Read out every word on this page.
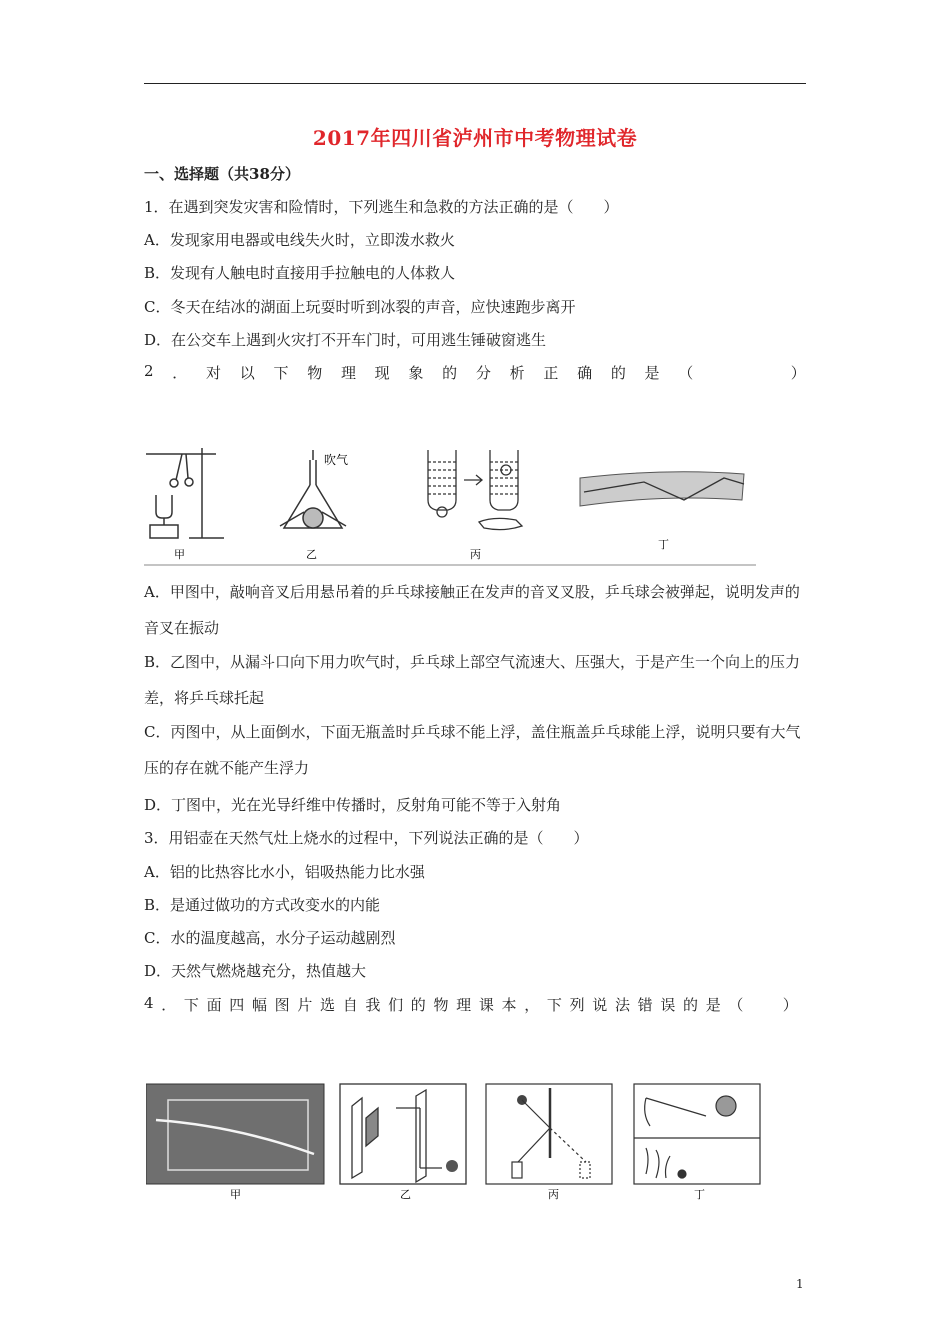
2017年四川省泸州市中考物理试卷
一、选择题（共38分）
1．在遇到突发灾害和险情时，下列逃生和急救的方法正确的是（　　）
A．发现家用电器或电线失火时，立即泼水救火
B．发现有人触电时直接用手拉触电的人体救人
C．冬天在结冰的湖面上玩耍时听到冰裂的声音，应快速跑步离开
D．在公交车上遇到火灾打不开车门时，可用逃生锤破窗逃生
2 ． 对 以 下 物 理 现 象 的 分 析 正 确 的 是 （	）
甲
吹气
乙	丙
丁
A．甲图中，敲响音叉后用悬吊着的乒乓球接触正在发声的音叉叉股，乒乓球会被弹起，说明发声的音叉在振动
B．乙图中，从漏斗口向下用力吹气时，乒乓球上部空气流速大、压强大，于是产生一个向上的压力差，将乒乓球托起
C．丙图中，从上面倒水，下面无瓶盖时乒乓球不能上浮，盖住瓶盖乒乓球能上浮，说明只要有大气压的存在就不能产生浮力
D．丁图中，光在光导纤维中传播时，反射角可能不等于入射角
3．用铝壶在天然气灶上烧水的过程中，下列说法正确的是（　　）
A．铝的比热容比水小，铝吸热能力比水强
B．是通过做功的方式改变水的内能
C．水的温度越高，水分子运动越剧烈
D．天然气燃烧越充分，热值越大
4 ． 下 面 四 幅 图 片 选 自 我 们 的 物 理 课 本 ， 下 列 说 法 错 误 的 是 （	）
甲	乙	丙	丁
1
